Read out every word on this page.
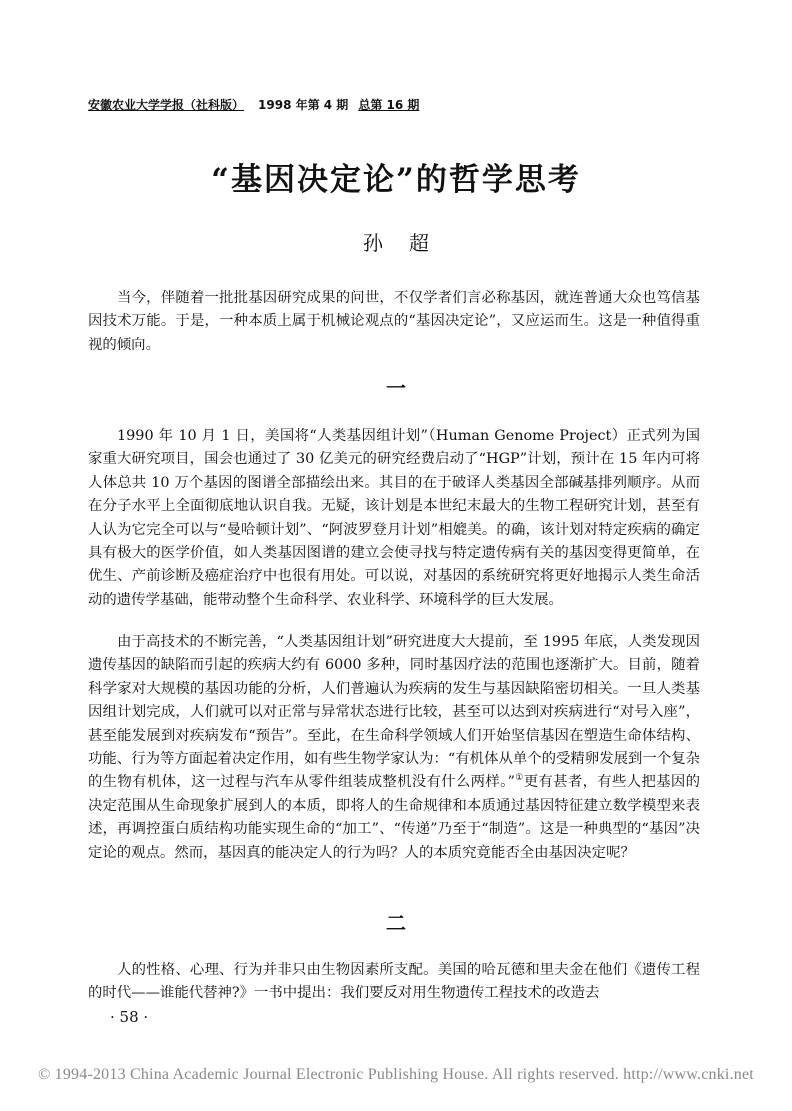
安徽农业大学学报（社科版） 1998 年第 4 期 总第 16 期
“基因决定论”的哲学思考
孙超

当今，伴随着一批批基因研究成果的问世，不仅学者们言必称基因，就连普通大众也笃信基因技术万能。于是，一种本质上属于机械论观点的“基因决定论”，又应运而生。这是一种值得重视的倾向。

一

1990 年 10 月 1 日，美国将“人类基因组计划”（Human Genome Project）正式列为国家重大研究项目，国会也通过了 30 亿美元的研究经费启动了“HGP”计划，预计在 15 年内可将人体总共 10 万个基因的图谱全部描绘出来。其目的在于破译人类基因全部碱基排列顺序。从而在分子水平上全面彻底地认识自我。无疑，该计划是本世纪末最大的生物工程研究计划，甚至有人认为它完全可以与“曼哈顿计划”、“阿波罗登月计划”相媲美。的确，该计划对特定疾病的确定具有极大的医学价值，如人类基因图谱的建立会使寻找与特定遗传病有关的基因变得更简单，在优生、产前诊断及癌症治疗中也很有用处。可以说，对基因的系统研究将更好地揭示人类生命活动的遗传学基础，能带动整个生命科学、农业科学、环境科学的巨大发展。

由于高技术的不断完善，“人类基因组计划”研究进度大大提前，至 1995 年底，人类发现因遗传基因的缺陷而引起的疾病大约有 6000 多种，同时基因疗法的范围也逐渐扩大。目前，随着科学家对大规模的基因功能的分析，人们普遍认为疾病的发生与基因缺陷密切相关。一旦人类基因组计划完成，人们就可以对正常与异常状态进行比较，甚至可以达到对疾病进行“对号入座”，甚至能发展到对疾病发布“预告”。至此，在生命科学领域人们开始坚信基因在塑造生命体结构、功能、行为等方面起着决定作用，如有些生物学家认为：“有机体从单个的受精卵发展到一个复杂的生物有机体，这一过程与汽车从零件组装成整机没有什么两样。”①更有甚者，有些人把基因的决定范围从生命现象扩展到人的本质，即将人的生命规律和本质通过基因特征建立数学模型来表述，再调控蛋白质结构功能实现生命的“加工”、“传递”乃至于“制造”。这是一种典型的“基因”决定论的观点。然而，基因真的能决定人的行为吗？人的本质究竟能否全由基因决定呢？

二

人的性格、心理、行为并非只由生物因素所支配。美国的哈瓦德和里夫金在他们《遗传工程的时代——谁能代替神?》一书中提出：我们要反对用生物遗传工程技术的改造去

· 58 ·
© 1994-2013 China Academic Journal Electronic Publishing House. All rights reserved. http://www.cnki.net
